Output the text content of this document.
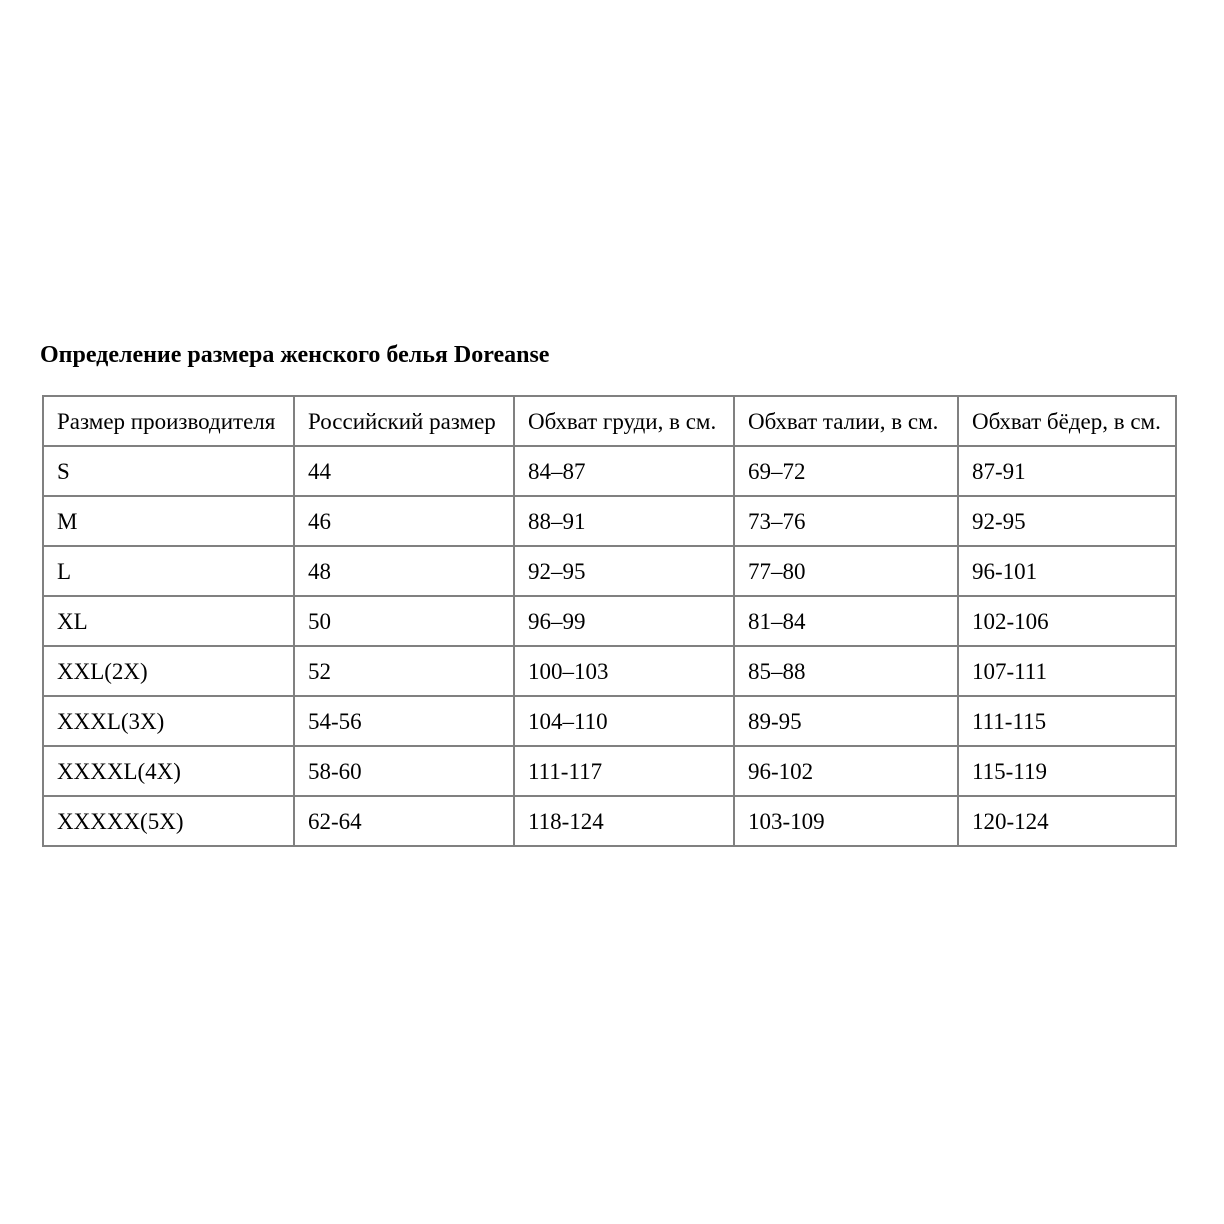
Определение размера женского белья Doreanse
Размер производителя	Российский размер	Обхват груди, в см.	Обхват талии, в см.	Обхват бёдер, в см.
S	44	84–87	69–72	87-91
M	46	88–91	73–76	92-95
L	48	92–95	77–80	96-101
XL	50	96–99	81–84	102-106
XXL(2X)	52	100–103	85–88	107-111
XXXL(3X)	54-56	104–110	89-95	111-115
XXXXL(4X)	58-60	111-117	96-102	115-119
XXXXX(5X)	62-64	118-124	103-109	120-124
